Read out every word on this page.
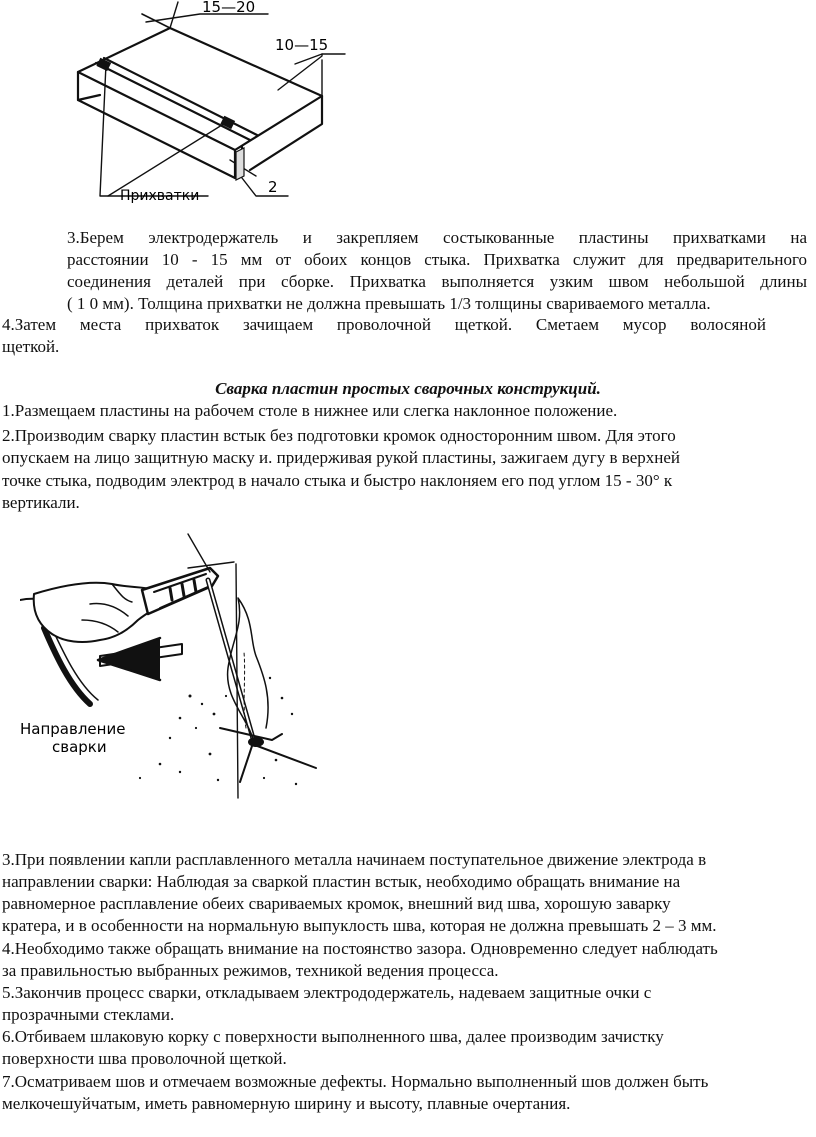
15—20
10—15
Прихватки	2

3.Берем электродержатель и закрепляем состыкованные пластины прихватками на

расстоянии 10 - 15 мм от обоих концов стыка. Прихватка служит для предварительного

соединения деталей при сборке. Прихватка выполняется узким швом небольшой длины

( 1 0 мм). Толщина прихватки не должна превышать 1/3 толщины свариваемого металла.

4.Затем места прихваток зачищаем проволочной щеткой. Сметаем мусор волосяной

щеткой.

Сварка пластин простых сварочных конструкций.

1.Размещаем пластины на рабочем столе в нижнее или слегка наклонное положение.

2.Производим сварку пластин встык без подготовки кромок односторонним швом. Для этого

опускаем на лицо защитную маску и. придерживая рукой пластины, зажигаем дугу в верхней

точке стыка, подводим электрод в начало стыка и быстро наклоняем его под углом 15 - 30° к

вертикали.

Направление
сварки

3.При появлении капли расплавленного металла начинаем поступательное движение электрода в

направлении сварки: Наблюдая за сваркой пластин встык, необходимо обращать внимание на

равномерное расплавление обеих свариваемых кромок, внешний вид шва, хорошую заварку

кратера, и в особенности на нормальную выпуклость шва, которая не должна превышать 2 – 3 мм.

4.Необходимо также обращать внимание на постоянство зазора. Одновременно следует наблюдать

за правильностью выбранных режимов, техникой ведения процесса.

5.Закончив процесс сварки, откладываем электрододержатель, надеваем защитные очки с

прозрачными стеклами.

6.Отбиваем шлаковую корку с поверхности выполненного шва, далее производим зачистку

поверхности шва проволочной щеткой.

7.Осматриваем шов и отмечаем возможные дефекты. Нормально выполненный шов должен быть

мелкочешуйчатым, иметь равномерную ширину и высоту, плавные очертания.
